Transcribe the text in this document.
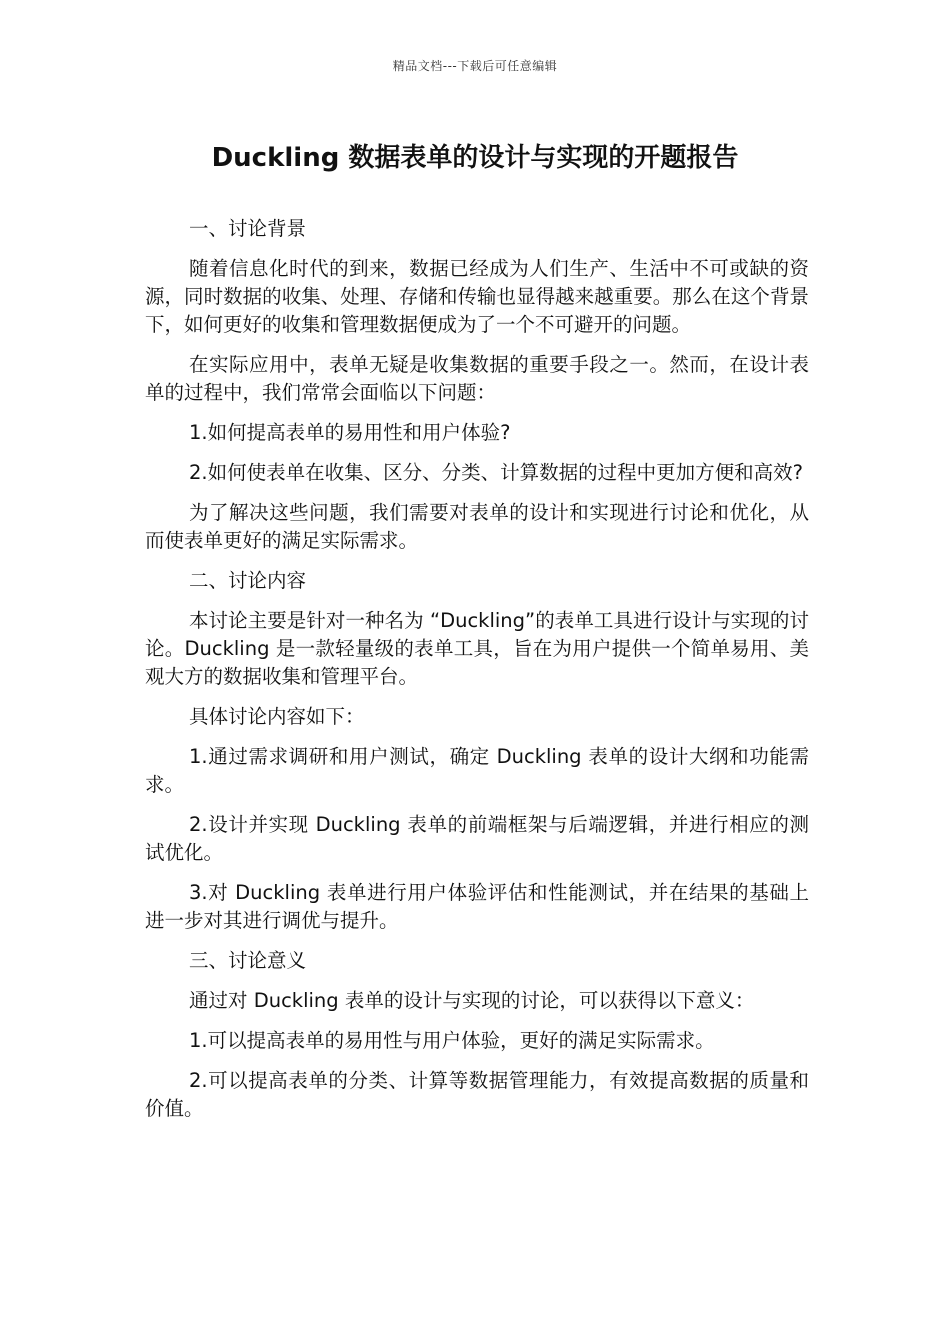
精品文档---下载后可任意编辑
Duckling 数据表单的设计与实现的开题报告

一、讨论背景

随着信息化时代的到来，数据已经成为人们生产、生活中不可或缺的资源，同时数据的收集、处理、存储和传输也显得越来越重要。那么在这个背景下，如何更好的收集和管理数据便成为了一个不可避开的问题。

在实际应用中，表单无疑是收集数据的重要手段之一。然而，在设计表单的过程中，我们常常会面临以下问题：

1.如何提高表单的易用性和用户体验?

2.如何使表单在收集、区分、分类、计算数据的过程中更加方便和高效?

为了解决这些问题，我们需要对表单的设计和实现进行讨论和优化，从而使表单更好的满足实际需求。

二、讨论内容

本讨论主要是针对一种名为 “Duckling”的表单工具进行设计与实现的讨论。Duckling 是一款轻量级的表单工具，旨在为用户提供一个简单易用、美观大方的数据收集和管理平台。

具体讨论内容如下：

1.通过需求调研和用户测试，确定 Duckling 表单的设计大纲和功能需求。

2.设计并实现 Duckling 表单的前端框架与后端逻辑，并进行相应的测试优化。

3.对 Duckling 表单进行用户体验评估和性能测试，并在结果的基础上进一步对其进行调优与提升。

三、讨论意义

通过对 Duckling 表单的设计与实现的讨论，可以获得以下意义：

1.可以提高表单的易用性与用户体验，更好的满足实际需求。

2.可以提高表单的分类、计算等数据管理能力，有效提高数据的质量和价值。
